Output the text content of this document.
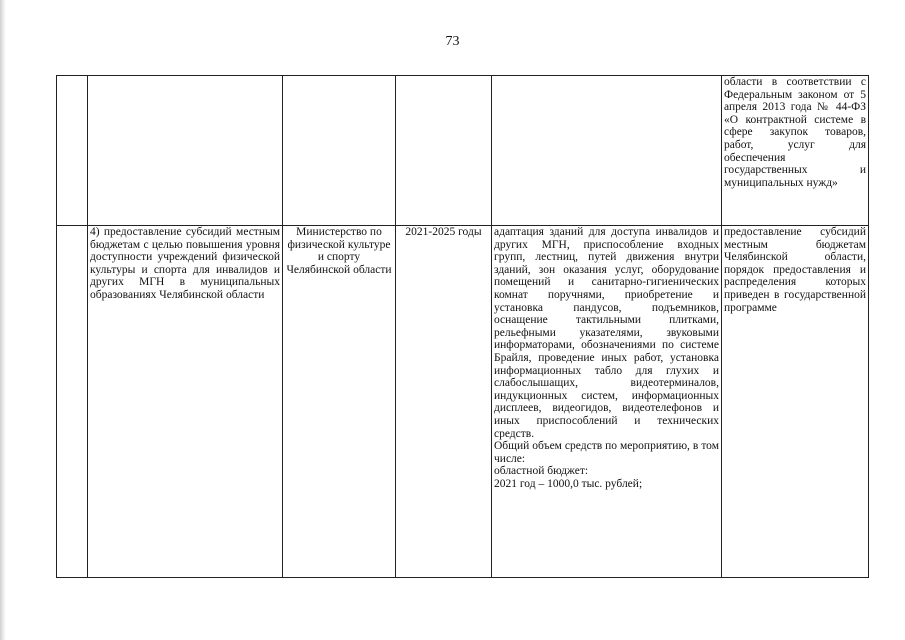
73

					области в соответствии с Федеральным законом от 5 апреля 2013 года № 44-ФЗ «О контрактной системе в сфере закупок товаров, работ, услуг для обеспечения государственных и муниципальных нужд»

	4) предоставление субсидий местным бюджетам с целью повышения уровня доступности учреждений физической культуры и спорта для инвалидов и других МГН в муниципальных образованиях Челябинской области	Министерство по физической культуре и спорту Челябинской области	2021-2025 годы	адаптация зданий для доступа инвалидов и других МГН, приспособление входных групп, лестниц, путей движения внутри зданий, зон оказания услуг, оборудование помещений и санитарно-гигиенических комнат поручнями, приобретение и установка пандусов, подъемников, оснащение тактильными плитками, рельефными указателями, звуковыми информаторами, обозначениями по системе Брайля, проведение иных работ, установка информационных табло для глухих и слабослышащих, видеотерминалов, индукционных систем, информационных дисплеев, видеогидов, видеотелефонов и иных приспособлений и технических средств.
Общий объем средств по мероприятию, в том числе:
областной бюджет:
2021 год – 1000,0 тыс. рублей;	предоставление субсидий местным бюджетам Челябинской области, порядок предоставления и распределения которых приведен в государственной программе
